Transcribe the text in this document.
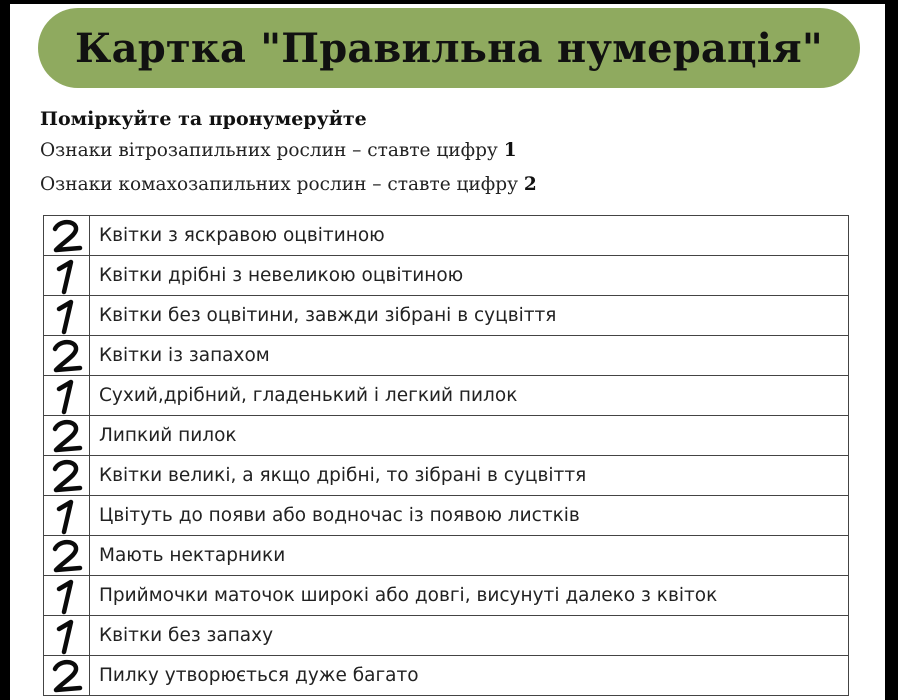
Картка "Правильна нумерація"
Поміркуйте та пронумеруйте
Ознаки вітрозапильних рослин – ставте цифру 1
Ознаки комахозапильних рослин – ставте цифру 2
Квітки з яскравою оцвітиною
Квітки дрібні з невеликою оцвітиною
Квітки без оцвітини, завжди зібрані в суцвіття
Квітки із запахом
Сухий,дрібний, гладенький і легкий пилок
Липкий пилок
Квітки великі, а якщо дрібні, то зібрані в суцвіття
Цвітуть до появи або водночас із появою листків
Мають нектарники
Приймочки маточок широкі або довгі, висунуті далеко з квіток
Квітки без запаху
Пилку утворюється дуже багато
